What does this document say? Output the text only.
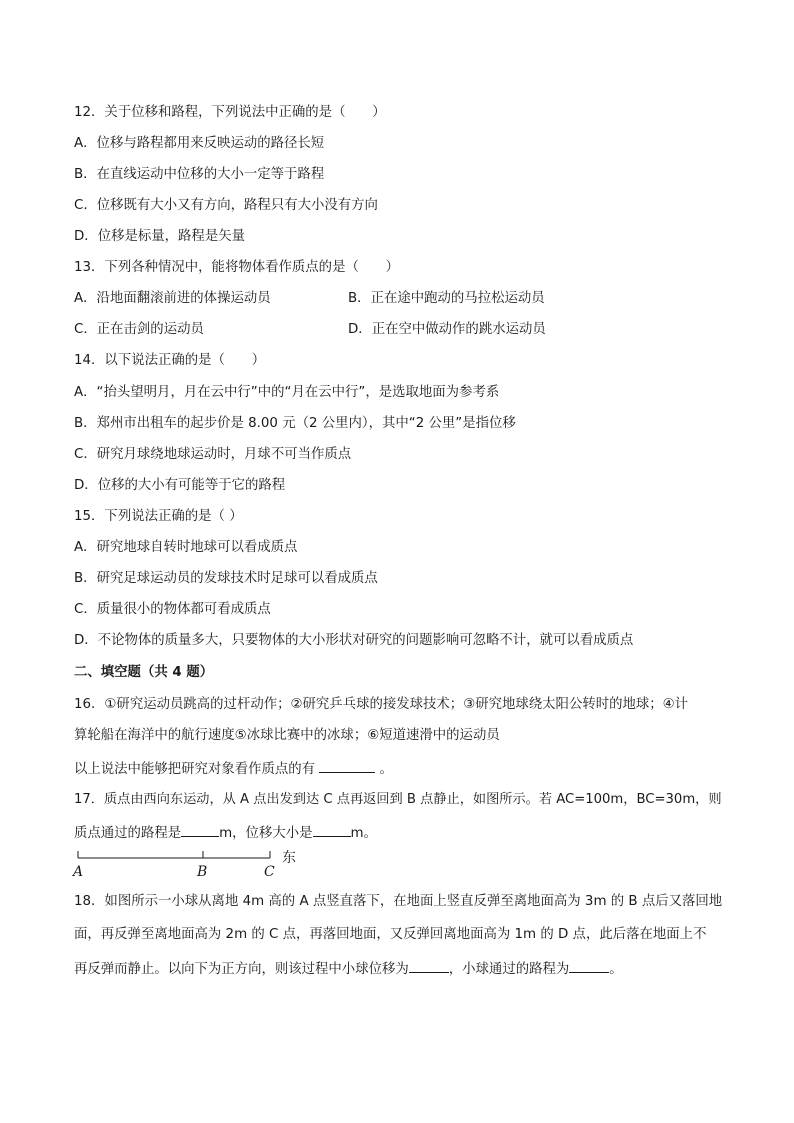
12．关于位移和路程，下列说法中正确的是（　　）
A．位移与路程都用来反映运动的路径长短
B．在直线运动中位移的大小一定等于路程
C．位移既有大小又有方向，路程只有大小没有方向
D．位移是标量，路程是矢量
13．下列各种情况中，能将物体看作质点的是（　　）
A．沿地面翻滚前进的体操运动员	B．正在途中跑动的马拉松运动员
C．正在击剑的运动员	D．正在空中做动作的跳水运动员
14．以下说法正确的是（　　）
A．“抬头望明月，月在云中行”中的“月在云中行”，是选取地面为参考系
B．郑州市出租车的起步价是 8.00 元（2 公里内），其中“2 公里”是指位移
C．研究月球绕地球运动时，月球不可当作质点
D．位移的大小有可能等于它的路程
15．下列说法正确的是（ ）
A．研究地球自转时地球可以看成质点
B．研究足球运动员的发球技术时足球可以看成质点
C．质量很小的物体都可看成质点
D．不论物体的质量多大，只要物体的大小形状对研究的问题影响可忽略不计，就可以看成质点
二、填空题（共 4 题）
16．①研究运动员跳高的过杆动作；②研究乒乓球的接发球技术；③研究地球绕太阳公转时的地球；④计
算轮船在海洋中的航行速度⑤冰球比赛中的冰球；⑥短道速滑中的运动员
以上说法中能够把研究对象看作质点的有	。
17．质点由西向东运动，从 A 点出发到达 C 点再返回到 B 点静止，如图所示。若 AC=100m，BC=30m，则
质点通过的路程是	m，位移大小是	m。
东
A	B	C
18．如图所示一小球从离地 4m 高的 A 点竖直落下，在地面上竖直反弹至离地面高为 3m 的 B 点后又落回地
面，再反弹至离地面高为 2m 的 C 点，再落回地面，又反弹回离地面高为 1m 的 D 点，此后落在地面上不
再反弹而静止。以向下为正方向，则该过程中小球位移为	，小球通过的路程为	。
